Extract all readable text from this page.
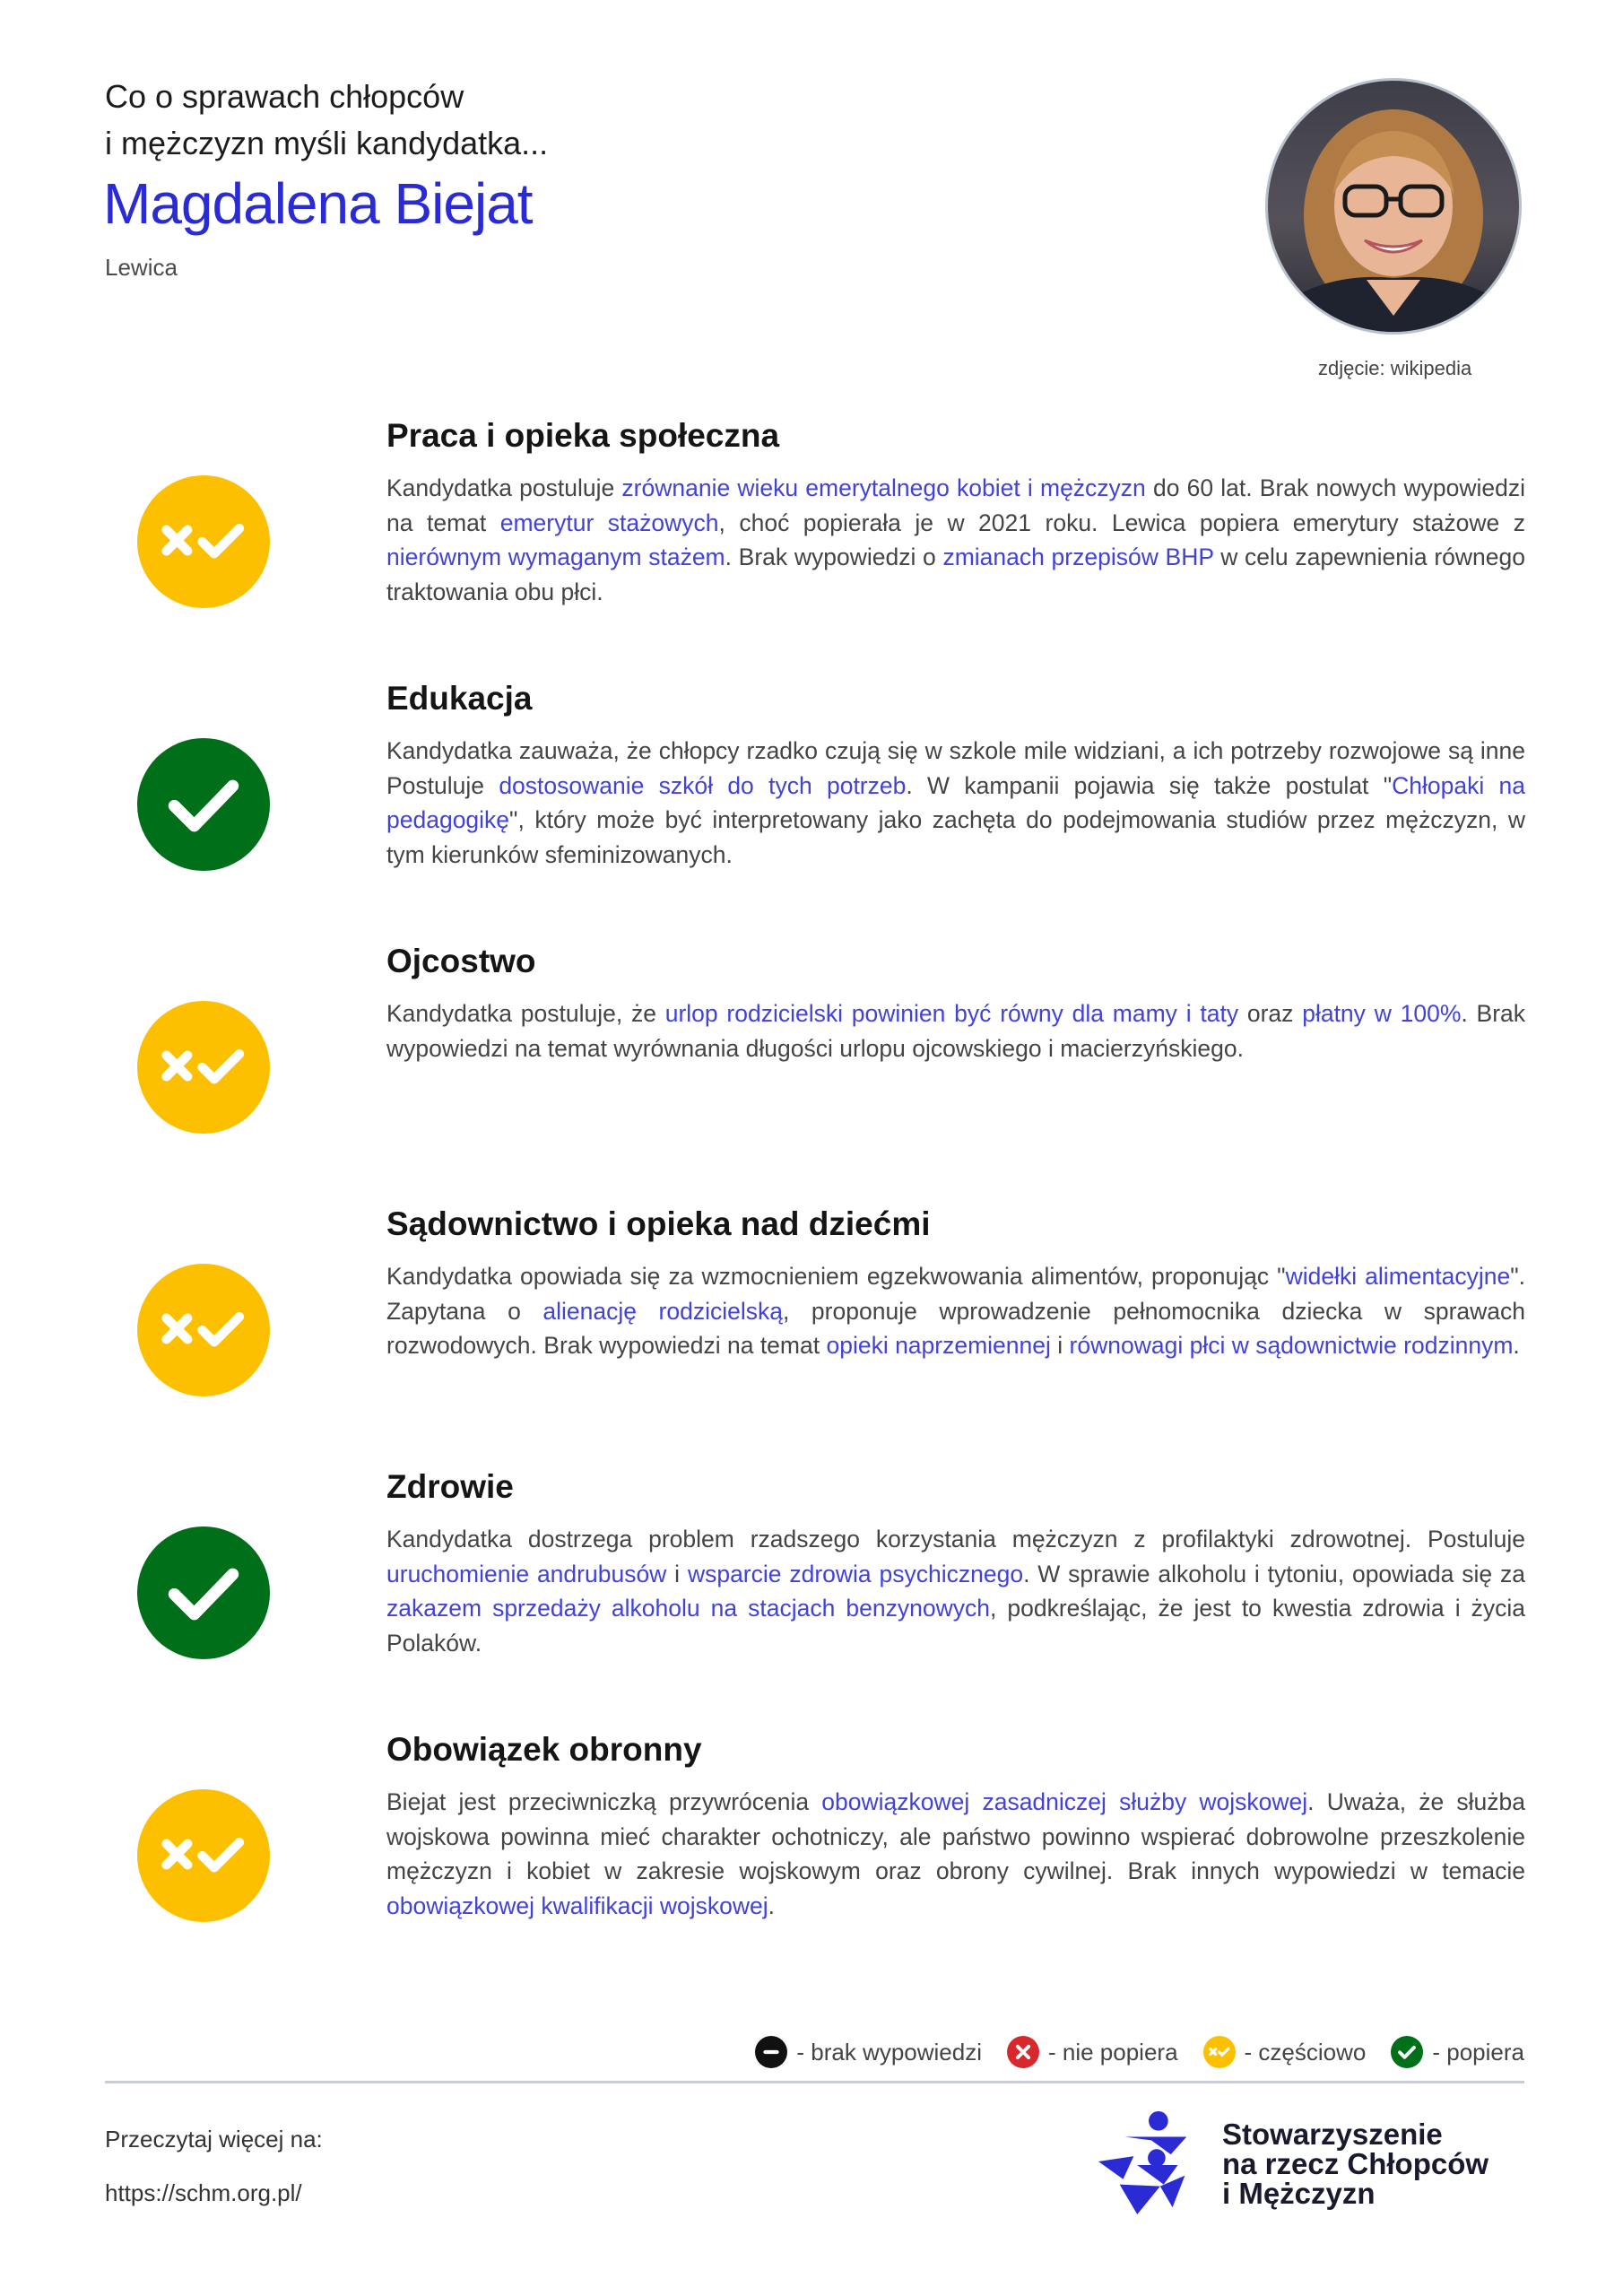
Co o sprawach chłopców
i mężczyzn myśli kandydatka...
Magdalena Biejat
Lewica
zdjęcie: wikipedia
Praca i opieka społeczna
Kandydatka postuluje zrównanie wieku emerytalnego kobiet i mężczyzn do 60 lat. Brak nowych wypowiedzi na temat emerytur stażowych, choć popierała je w 2021 roku. Lewica popiera emerytury stażowe z nierównym wymaganym stażem. Brak wypowiedzi o zmianach przepisów BHP w celu zapewnienia równego traktowania obu płci.
Edukacja
Kandydatka zauważa, że chłopcy rzadko czują się w szkole mile widziani, a ich potrzeby rozwojowe są inne Postuluje dostosowanie szkół do tych potrzeb. W kampanii pojawia się także postulat "Chłopaki na pedagogikę", który może być interpretowany jako zachęta do podejmowania studiów przez mężczyzn, w tym kierunków sfeminizowanych.
Ojcostwo
Kandydatka postuluje, że urlop rodzicielski powinien być równy dla mamy i taty oraz płatny w 100%. Brak wypowiedzi na temat wyrównania długości urlopu ojcowskiego i macierzyńskiego.
Sądownictwo i opieka nad dziećmi
Kandydatka opowiada się za wzmocnieniem egzekwowania alimentów, proponując "widełki alimentacyjne". Zapytana o alienację rodzicielską, proponuje wprowadzenie pełnomocnika dziecka w sprawach rozwodowych. Brak wypowiedzi na temat opieki naprzemiennej i równowagi płci w sądownictwie rodzinnym.
Zdrowie
Kandydatka dostrzega problem rzadszego korzystania mężczyzn z profilaktyki zdrowotnej. Postuluje uruchomienie andrubusów i wsparcie zdrowia psychicznego. W sprawie alkoholu i tytoniu, opowiada się za zakazem sprzedaży alkoholu na stacjach benzynowych, podkreślając, że jest to kwestia zdrowia i życia Polaków.
Obowiązek obronny
Biejat jest przeciwniczką przywrócenia obowiązkowej zasadniczej służby wojskowej. Uważa, że służba wojskowa powinna mieć charakter ochotniczy, ale państwo powinno wspierać dobrowolne przeszkolenie mężczyzn i kobiet w zakresie wojskowym oraz obrony cywilnej. Brak innych wypowiedzi w temacie obowiązkowej kwalifikacji wojskowej.
- brak wypowiedzi	- nie popiera	- częściowo	- popiera
Przeczytaj więcej na:
https://schm.org.pl/
Stowarzyszenie
na rzecz Chłopców
i Mężczyzn
